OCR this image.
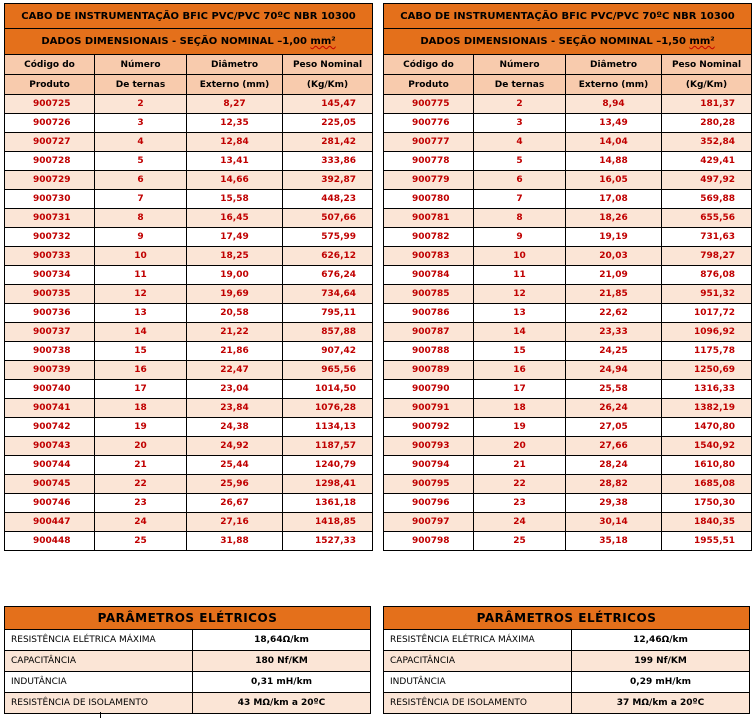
CABO DE INSTRUMENTAÇÃO BFIC PVC/PVC 70ºC NBR 10300			
DADOS DIMENSIONAIS - SEÇÃO NOMINAL –1,00 mm²			
Código do	Número	Diâmetro	Peso Nominal
Produto	De ternas	Externo (mm)	(Kg/Km)
900725	2	8,27	145,47
900726	3	12,35	225,05
900727	4	12,84	281,42
900728	5	13,41	333,86
900729	6	14,66	392,87
900730	7	15,58	448,23
900731	8	16,45	507,66
900732	9	17,49	575,99
900733	10	18,25	626,12
900734	11	19,00	676,24
900735	12	19,69	734,64
900736	13	20,58	795,11
900737	14	21,22	857,88
900738	15	21,86	907,42
900739	16	22,47	965,56
900740	17	23,04	1014,50
900741	18	23,84	1076,28
900742	19	24,38	1134,13
900743	20	24,92	1187,57
900744	21	25,44	1240,79
900745	22	25,96	1298,41
900746	23	26,67	1361,18
900447	24	27,16	1418,85
900448	25	31,88	1527,33
CABO DE INSTRUMENTAÇÃO BFIC PVC/PVC 70ºC NBR 10300			
DADOS DIMENSIONAIS - SEÇÃO NOMINAL –1,50 mm²			
Código do	Número	Diâmetro	Peso Nominal
Produto	De ternas	Externo (mm)	(Kg/Km)
900775	2	8,94	181,37
900776	3	13,49	280,28
900777	4	14,04	352,84
900778	5	14,88	429,41
900779	6	16,05	497,92
900780	7	17,08	569,88
900781	8	18,26	655,56
900782	9	19,19	731,63
900783	10	20,03	798,27
900784	11	21,09	876,08
900785	12	21,85	951,32
900786	13	22,62	1017,72
900787	14	23,33	1096,92
900788	15	24,25	1175,78
900789	16	24,94	1250,69
900790	17	25,58	1316,33
900791	18	26,24	1382,19
900792	19	27,05	1470,80
900793	20	27,66	1540,92
900794	21	28,24	1610,80
900795	22	28,82	1685,08
900796	23	29,38	1750,30
900797	24	30,14	1840,35
900798	25	35,18	1955,51
PARÂMETROS ELÉTRICOS	
RESISTÊNCIA ELÉTRICA MÁXIMA	18,64Ω/km
CAPACITÂNCIA	180 Nf/KM
INDUTÂNCIA	0,31 mH/km
RESISTÊNCIA DE ISOLAMENTO	43 MΩ/km a 20ºC
PARÂMETROS ELÉTRICOS	
RESISTÊNCIA ELÉTRICA MÁXIMA	12,46Ω/km
CAPACITÂNCIA	199 Nf/KM
INDUTÂNCIA	0,29 mH/km
RESISTÊNCIA DE ISOLAMENTO	37 MΩ/km a 20ºC
